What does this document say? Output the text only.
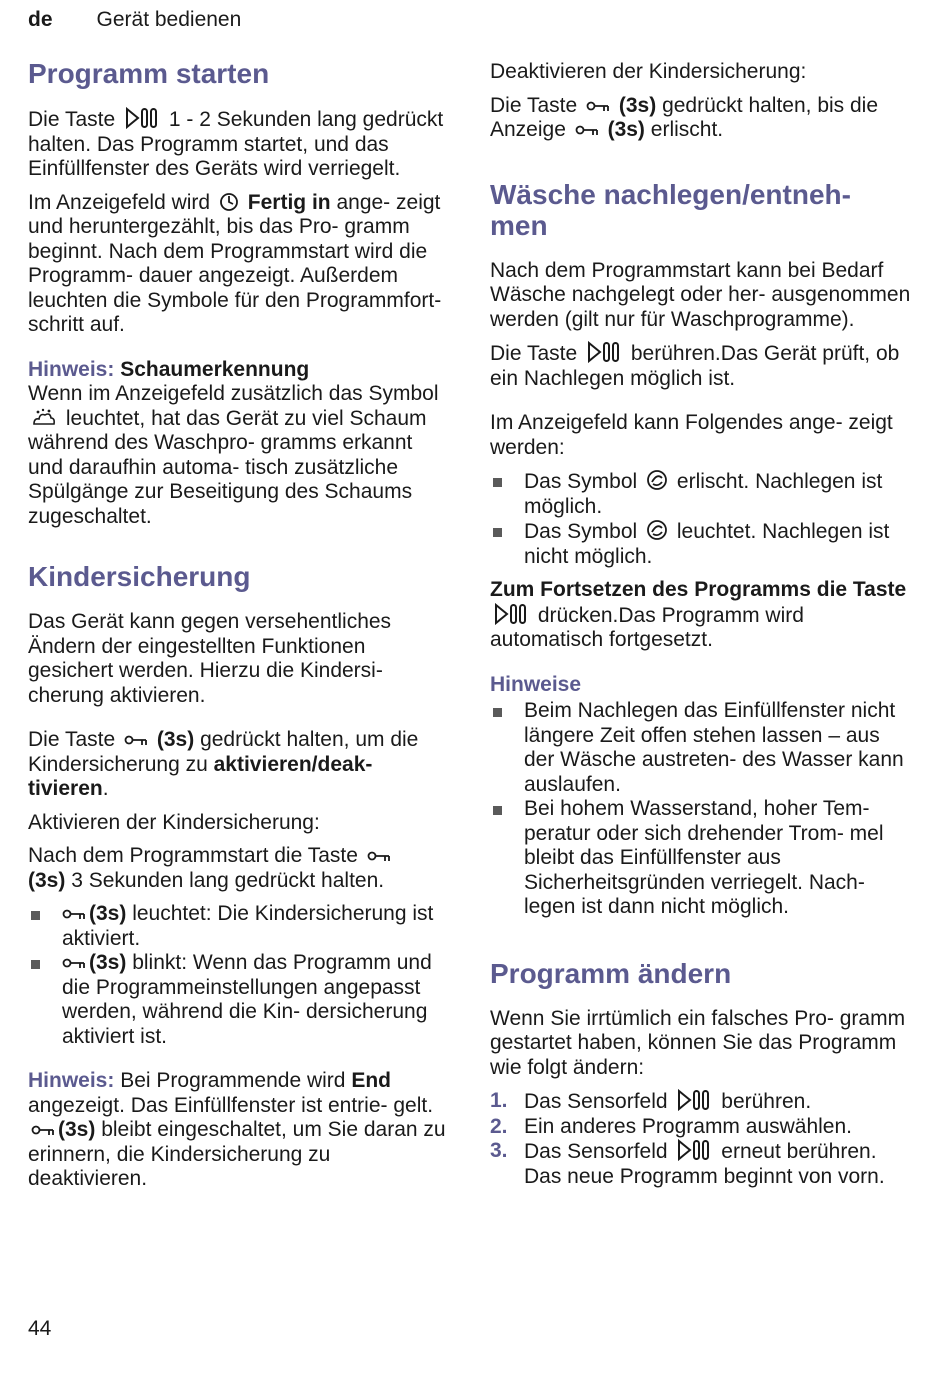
de Gerät bedienen
Programm starten

Die Taste	1 - 2 Sekunden lang gedrückt halten. Das Programm startet, und das Einfüllfenster des Geräts wird verriegelt.

Im Anzeigefeld wird Fertig in ange- zeigt und heruntergezählt, bis das Pro- gramm beginnt. Nach dem Programmstart wird die Programm- dauer angezeigt. Außerdem leuchten die Symbole für den Programmfort- schritt auf.

Hinweis: Schaumerkennung
Wenn im Anzeigefeld zusätzlich das Symbol  leuchtet, hat das Gerät zu viel Schaum während des Waschpro- gramms erkannt und daraufhin automa- tisch zusätzliche Spülgänge zur Beseitigung des Schaums zugeschaltet.

Kindersicherung

Das Gerät kann gegen versehentliches Ändern der eingestellten Funktionen gesichert werden. Hierzu die Kindersi- cherung aktivieren.

Die Taste (3s) gedrückt halten, um die Kindersicherung zu aktivieren/deak- tivieren.

Aktivieren der Kindersicherung:

Nach dem Programmstart die Taste
(3s) 3 Sekunden lang gedrückt halten.

(3s) leuchtet: Die Kindersicherung ist aktiviert.
(3s) blinkt: Wenn das Programm und die Programmeinstellungen angepasst werden, während die Kin- dersicherung aktiviert ist.

Hinweis: Bei Programmende wird End angezeigt. Das Einfüllfenster ist entrie- gelt. (3s) bleibt eingeschaltet, um Sie daran zu erinnern, die Kindersicherung zu deaktivieren.

Deaktivieren der Kindersicherung:

Die Taste (3s) gedrückt halten, bis die Anzeige (3s) erlischt.

Wäsche nachlegen/entneh- men

Nach dem Programmstart kann bei Bedarf Wäsche nachgelegt oder her- ausgenommen werden (gilt nur für Waschprogramme).

Die Taste	berühren.Das Gerät prüft, ob ein Nachlegen möglich ist.

Im Anzeigefeld kann Folgendes ange- zeigt werden:

Das Symbol erlischt. Nachlegen ist möglich.
Das Symbol leuchtet. Nachlegen ist nicht möglich.

Zum Fortsetzen des Programms die Taste  drücken.Das Programm wird automatisch fortgesetzt.

Hinweise

Beim Nachlegen das Einfüllfenster nicht längere Zeit offen stehen lassen – aus der Wäsche austreten- des Wasser kann auslaufen.
Bei hohem Wasserstand, hoher Tem- peratur oder sich drehender Trom- mel bleibt das Einfüllfenster aus Sicherheitsgründen verriegelt. Nach- legen ist dann nicht möglich.
Programm ändern

Wenn Sie irrtümlich ein falsches Pro- gramm gestartet haben, können Sie das Programm wie folgt ändern:

1. Das Sensorfeld	berühren.
2. Ein anderes Programm auswählen.
3. Das Sensorfeld	erneut berühren. Das neue Programm beginnt von vorn.
44
